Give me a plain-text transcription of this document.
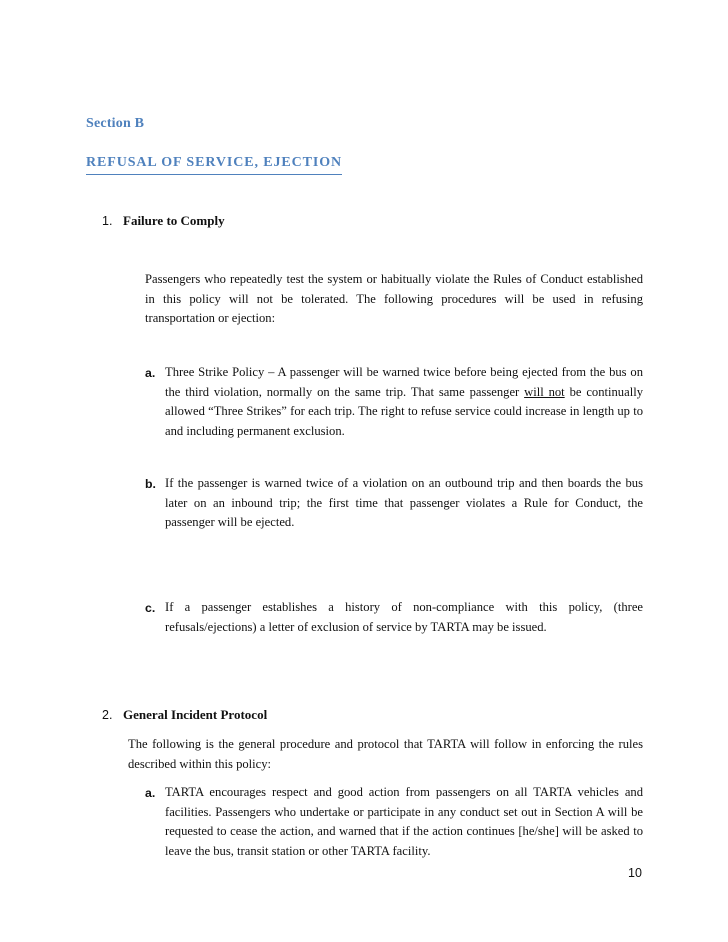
Section B
REFUSAL OF SERVICE, EJECTION
1. Failure to Comply
Passengers who repeatedly test the system or habitually violate the Rules of Conduct established in this policy will not be tolerated. The following procedures will be used in refusing transportation or ejection:
a. Three Strike Policy – A passenger will be warned twice before being ejected from the bus on the third violation, normally on the same trip. That same passenger will not be continually allowed “Three Strikes” for each trip. The right to refuse service could increase in length up to and including permanent exclusion.
b. If the passenger is warned twice of a violation on an outbound trip and then boards the bus later on an inbound trip; the first time that passenger violates a Rule for Conduct, the passenger will be ejected.
c. If a passenger establishes a history of non-compliance with this policy, (three refusals/ejections) a letter of exclusion of service by TARTA may be issued.
2. General Incident Protocol
The following is the general procedure and protocol that TARTA will follow in enforcing the rules described within this policy:
a. TARTA encourages respect and good action from passengers on all TARTA vehicles and facilities. Passengers who undertake or participate in any conduct set out in Section A will be requested to cease the action, and warned that if the action continues [he/she] will be asked to leave the bus, transit station or other TARTA facility.
10
